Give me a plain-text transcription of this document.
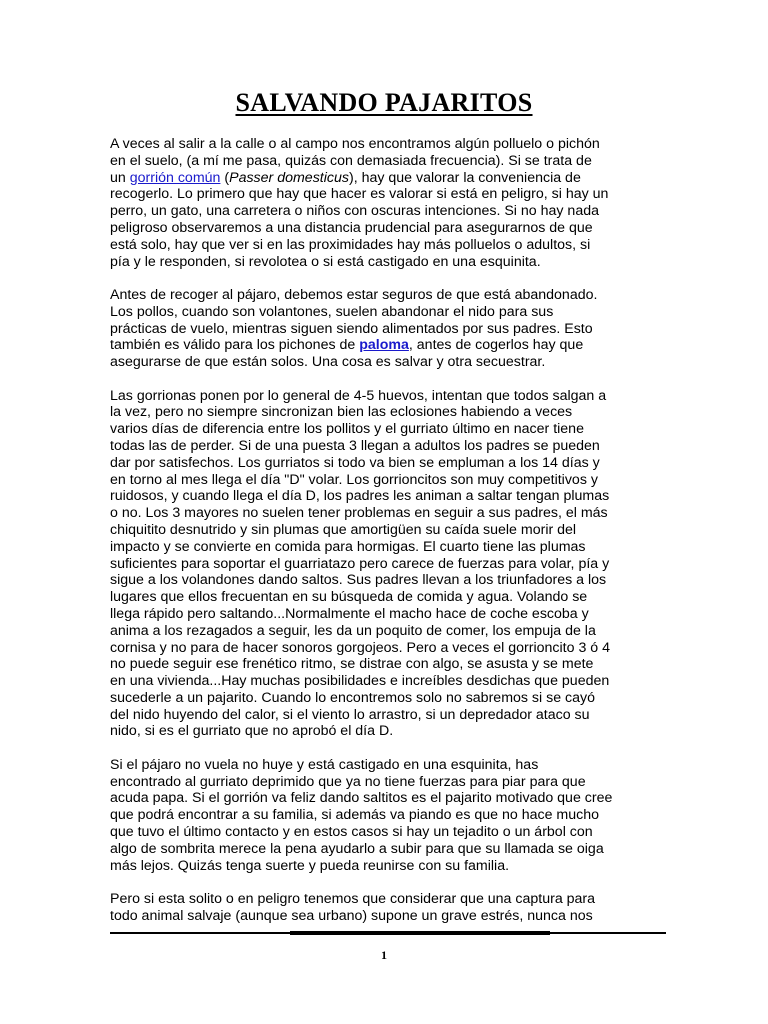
SALVANDO PAJARITOS

A veces al salir a la calle o al campo nos encontramos algún polluelo o pichón
en el suelo, (a mí me pasa, quizás con demasiada frecuencia). Si se trata de
un gorrión común (Passer domesticus), hay que valorar la conveniencia de
recogerlo. Lo primero que hay que hacer es valorar si está en peligro, si hay un
perro, un gato, una carretera o niños con oscuras intenciones. Si no hay nada
peligroso observaremos a una distancia prudencial para asegurarnos de que
está solo, hay que ver si en las proximidades hay más polluelos o adultos, si
pía y le responden, si revolotea o si está castigado en una esquinita.

Antes de recoger al pájaro, debemos estar seguros de que está abandonado.
Los pollos, cuando son volantones, suelen abandonar el nido para sus
prácticas de vuelo, mientras siguen siendo alimentados por sus padres. Esto
también es válido para los pichones de paloma, antes de cogerlos hay que
asegurarse de que están solos. Una cosa es salvar y otra secuestrar.

Las gorrionas ponen por lo general de 4-5 huevos, intentan que todos salgan a
la vez, pero no siempre sincronizan bien las eclosiones habiendo a veces
varios días de diferencia entre los pollitos y el gurriato último en nacer tiene
todas las de perder. Si de una puesta 3 llegan a adultos los padres se pueden
dar por satisfechos. Los gurriatos si todo va bien se empluman a los 14 días y
en torno al mes llega el día "D" volar. Los gorrioncitos son muy competitivos y
ruidosos, y cuando llega el día D, los padres les animan a saltar tengan plumas
o no. Los 3 mayores no suelen tener problemas en seguir a sus padres, el más
chiquitito desnutrido y sin plumas que amortigüen su caída suele morir del
impacto y se convierte en comida para hormigas. El cuarto tiene las plumas
suficientes para soportar el guarriatazo pero carece de fuerzas para volar, pía y
sigue a los volandones dando saltos. Sus padres llevan a los triunfadores a los
lugares que ellos frecuentan en su búsqueda de comida y agua. Volando se
llega rápido pero saltando...Normalmente el macho hace de coche escoba y
anima a los rezagados a seguir, les da un poquito de comer, los empuja de la
cornisa y no para de hacer sonoros gorgojeos. Pero a veces el gorrioncito 3 ó 4
no puede seguir ese frenético ritmo, se distrae con algo, se asusta y se mete
en una vivienda...Hay muchas posibilidades e increíbles desdichas que pueden
sucederle a un pajarito. Cuando lo encontremos solo no sabremos si se cayó
del nido huyendo del calor, si el viento lo arrastro, si un depredador ataco su
nido, si es el gurriato que no aprobó el día D.

Si el pájaro no vuela no huye y está castigado en una esquinita, has
encontrado al gurriato deprimido que ya no tiene fuerzas para piar para que
acuda papa. Si el gorrión va feliz dando saltitos es el pajarito motivado que cree
que podrá encontrar a su familia, si además va piando es que no hace mucho
que tuvo el último contacto y en estos casos si hay un tejadito o un árbol con
algo de sombrita merece la pena ayudarlo a subir para que su llamada se oiga
más lejos. Quizás tenga suerte y pueda reunirse con su familia.

Pero si esta solito o en peligro tenemos que considerar que una captura para
todo animal salvaje (aunque sea urbano) supone un grave estrés, nunca nos

1
